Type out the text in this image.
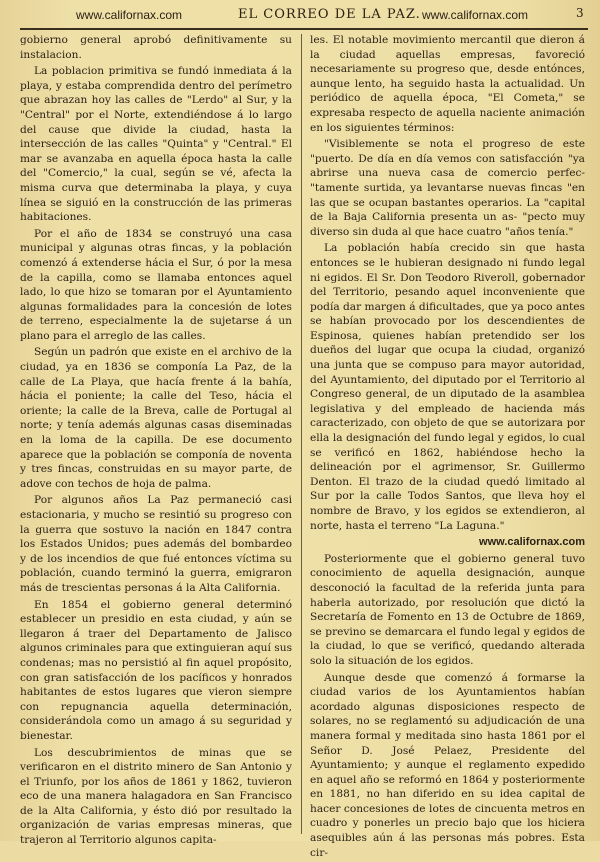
www.californax.com	EL CORREO DE LA PAZ. www.californax.com	3

gobierno general aprobó definitivamente su instalacion.

La poblacion primitiva se fundó inmediata á la playa, y estaba comprendida dentro del perímetro que abrazan hoy las calles de "Lerdo" al Sur, y la "Central" por el Norte, extendiéndose á lo largo del cause que divide la ciudad, hasta la intersección de las calles "Quinta" y "Central." El mar se avanzaba en aquella época hasta la calle del "Comercio," la cual, según se vé, afecta la misma curva que determinaba la playa, y cuya línea se siguió en la construcción de las primeras habitaciones.

Por el año de 1834 se construyó una casa municipal y algunas otras fincas, y la población comenzó á extenderse hácia el Sur, ó por la mesa de la capilla, como se llamaba entonces aquel lado, lo que hizo se tomaran por el Ayuntamiento algunas formalidades para la concesión de lotes de terreno, especialmente la de sujetarse á un plano para el arreglo de las calles.

Según un padrón que existe en el archivo de la ciudad, ya en 1836 se componía La Paz, de la calle de La Playa, que hacía frente á la bahía, hácia el poniente; la calle del Teso, hácia el oriente; la calle de la Breva, calle de Portugal al norte; y tenía además algunas casas diseminadas en la loma de la capilla. De ese documento aparece que la población se componía de noventa y tres fincas, construidas en su mayor parte, de adove con techos de hoja de palma.

Por algunos años La Paz permaneció casi estacionaria, y mucho se resintió su progreso con la guerra que sostuvo la nación en 1847 contra los Estados Unidos; pues además del bombardeo y de los incendios de que fué entonces víctima su población, cuando terminó la guerra, emigraron más de trescientas personas á la Alta California.

En 1854 el gobierno general determinó establecer un presidio en esta ciudad, y aún se llegaron á traer del Departamento de Jalisco algunos criminales para que extinguieran aquí sus condenas; mas no persistió al fin aquel propósito, con gran satisfacción de los pacíficos y honrados habitantes de estos lugares que vieron siempre con repugnancia aquella determinación, considerándola como un amago á su seguridad y bienestar.

Los descubrimientos de minas que se verificaron en el distrito minero de San Antonio y el Triunfo, por los años de 1861 y 1862, tuvieron eco de una manera halagadora en San Francisco de la Alta California, y ésto dió por resultado la organización de varias empresas mineras, que trajeron al Territorio algunos capita-

les. El notable movimiento mercantil que dieron á la ciudad aquellas empresas, favoreció necesariamente su progreso que, desde entónces, aunque lento, ha seguido hasta la actualidad. Un periódico de aquella época, "El Cometa," se expresaba respecto de aquella naciente animación en los siguientes términos:

"Visiblemente se nota el progreso de este "puerto. De día en día vemos con satisfacción "ya abrirse una nueva casa de comercio perfec- "tamente surtida, ya levantarse nuevas fincas "en las que se ocupan bastantes operarios. La "capital de la Baja California presenta un as- "pecto muy diverso sin duda al que hace cuatro "años tenía."

La población había crecido sin que hasta entonces se le hubieran designado ni fundo legal ni egidos. El Sr. Don Teodoro Riveroll, gobernador del Territorio, pesando aquel inconveniente que podía dar margen á dificultades, que ya poco antes se habían provocado por los descendientes de Espinosa, quienes habían pretendido ser los dueños del lugar que ocupa la ciudad, organizó una junta que se compuso para mayor autoridad, del Ayuntamiento, del diputado por el Territorio al Congreso general, de un diputado de la asamblea legislativa y del empleado de hacienda más caracterizado, con objeto de que se autorizara por ella la designación del fundo legal y egidos, lo cual se verificó en 1862, habiéndose hecho la delineación por el agrimensor, Sr. Guillermo Denton. El trazo de la ciudad quedó limitado al Sur por la calle Todos Santos, que lleva hoy el nombre de Bravo, y los egidos se extendieron, al norte, hasta el terreno "La Laguna."

www.californax.com

Posteriormente que el gobierno general tuvo conocimiento de aquella designación, aunque desconoció la facultad de la referida junta para haberla autorizado, por resolución que dictó la Secretaría de Fomento en 13 de Octubre de 1869, se previno se demarcara el fundo legal y egidos de la ciudad, lo que se verificó, quedando alterada solo la situación de los egidos.

Aunque desde que comenzó á formarse la ciudad varios de los Ayuntamientos habían acordado algunas disposiciones respecto de solares, no se reglamentó su adjudicación de una manera formal y meditada sino hasta 1861 por el Señor D. José Pelaez, Presidente del Ayuntamiento; y aunque el reglamento expedido en aquel año se reformó en 1864 y posteriormente en 1881, no han diferido en su idea capital de hacer concesiones de lotes de cincuenta metros en cuadro y ponerles un precio bajo que los hiciera asequibles aún á las personas más pobres. Esta cir-
